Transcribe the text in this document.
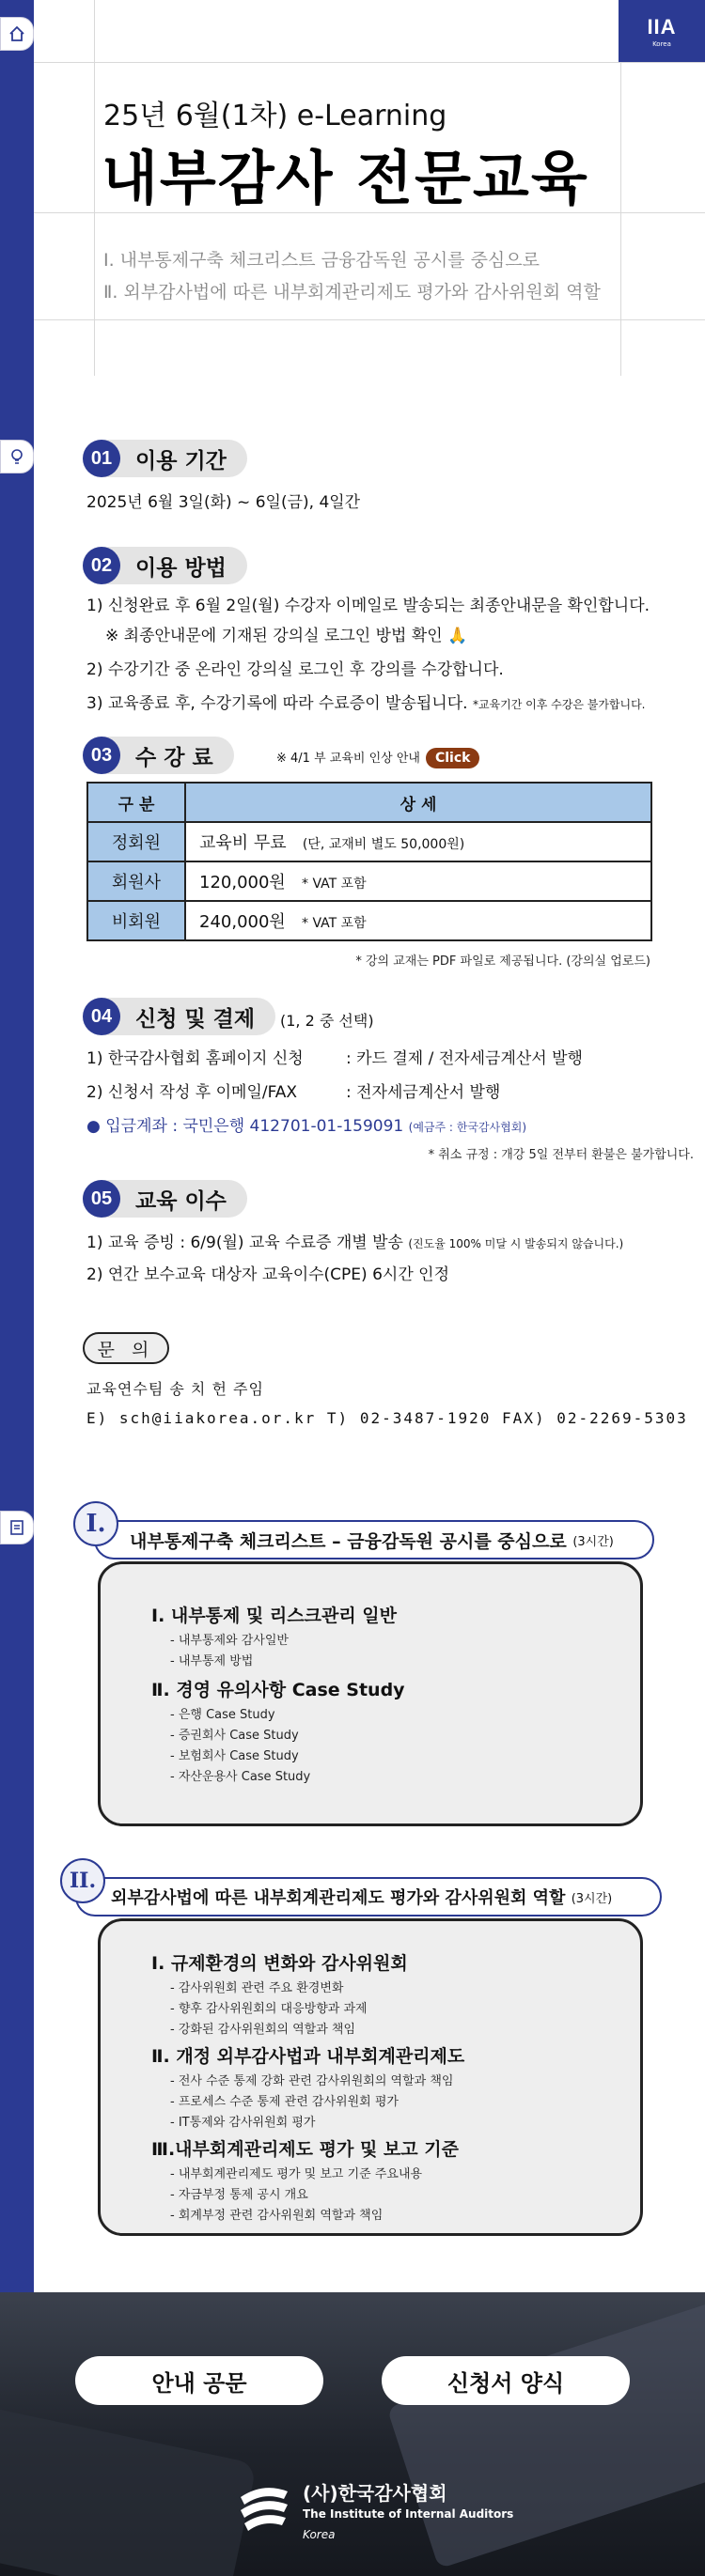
IIA
Korea
25년 6월(1차) e-Learning
내부감사 전문교육
Ⅰ. 내부통제구축 체크리스트 금융감독원 공시를 중심으로
Ⅱ. 외부감사법에 따른 내부회계관리제도 평가와 감사위원회 역할
01	이용 기간
2025년 6월 3일(화) ~ 6일(금), 4일간
02	이용 방법
1) 신청완료 후 6월 2일(월) 수강자 이메일로 발송되는 최종안내문을 확인합니다.
※ 최종안내문에 기재된 강의실 로그인 방법 확인 🙏
2) 수강기간 중 온라인 강의실 로그인 후 강의를 수강합니다.
3) 교육종료 후, 수강기록에 따라 수료증이 발송됩니다. *교육기간 이후 수강은 불가합니다.
03	수 강 료	※ 4/1 부 교육비 인상 안내 Click
구 분	상 세
정회원	교육비 무료 (단, 교재비 별도 50,000원)
회원사	120,000원 * VAT 포함
비회원	240,000원 * VAT 포함
* 강의 교재는 PDF 파일로 제공됩니다. (강의실 업로드)
04	신청 및 결제 (1, 2 중 선택)
1) 한국감사협회 홈페이지 신청	: 카드 결제 / 전자세금계산서 발행
2) 신청서 작성 후 이메일/FAX	: 전자세금계산서 발행
● 입금계좌 : 국민은행 412701-01-159091 (예금주 : 한국감사협회)
* 취소 규정 : 개강 5일 전부터 환불은 불가합니다.
05	교육 이수
1) 교육 증빙 : 6/9(월) 교육 수료증 개별 발송 (진도율 100% 미달 시 발송되지 않습니다.)
2) 연간 보수교육 대상자 교육이수(CPE) 6시간 인정
문 의
교육연수팀 송 치 헌 주임
E) sch@iiakorea.or.kr T) 02-3487-1920 FAX) 02-2269-5303
내부통제구축 체크리스트 – 금융감독원 공시를 중심으로
(3시간)
I.
Ⅰ. 내부통제 및 리스크관리 일반
- 내부통제와 감사일반
- 내부통제 방법
Ⅱ. 경영 유의사항 Case Study
- 은행 Case Study
- 증권회사 Case Study
- 보험회사 Case Study
- 자산운용사 Case Study
외부감사법에 따른 내부회계관리제도 평가와 감사위원회 역할
(3시간)
II.
Ⅰ. 규제환경의 변화와 감사위원회
- 감사위원회 관련 주요 환경변화
- 향후 감사위원회의 대응방향과 과제
- 강화된 감사위원회의 역할과 책임
Ⅱ. 개정 외부감사법과 내부회계관리제도
- 전사 수준 통제 강화 관련 감사위원회의 역할과 책임
- 프로세스 수준 통제 관련 감사위원회 평가
- IT통제와 감사위원회 평가
Ⅲ.내부회계관리제도 평가 및 보고 기준
- 내부회계관리제도 평가 및 보고 기준 주요내용
- 자금부정 통제 공시 개요
- 회계부정 관련 감사위원회 역할과 책임
안내 공문	신청서 양식
(사)한국감사협회
The Institute of Internal Auditors
Korea
